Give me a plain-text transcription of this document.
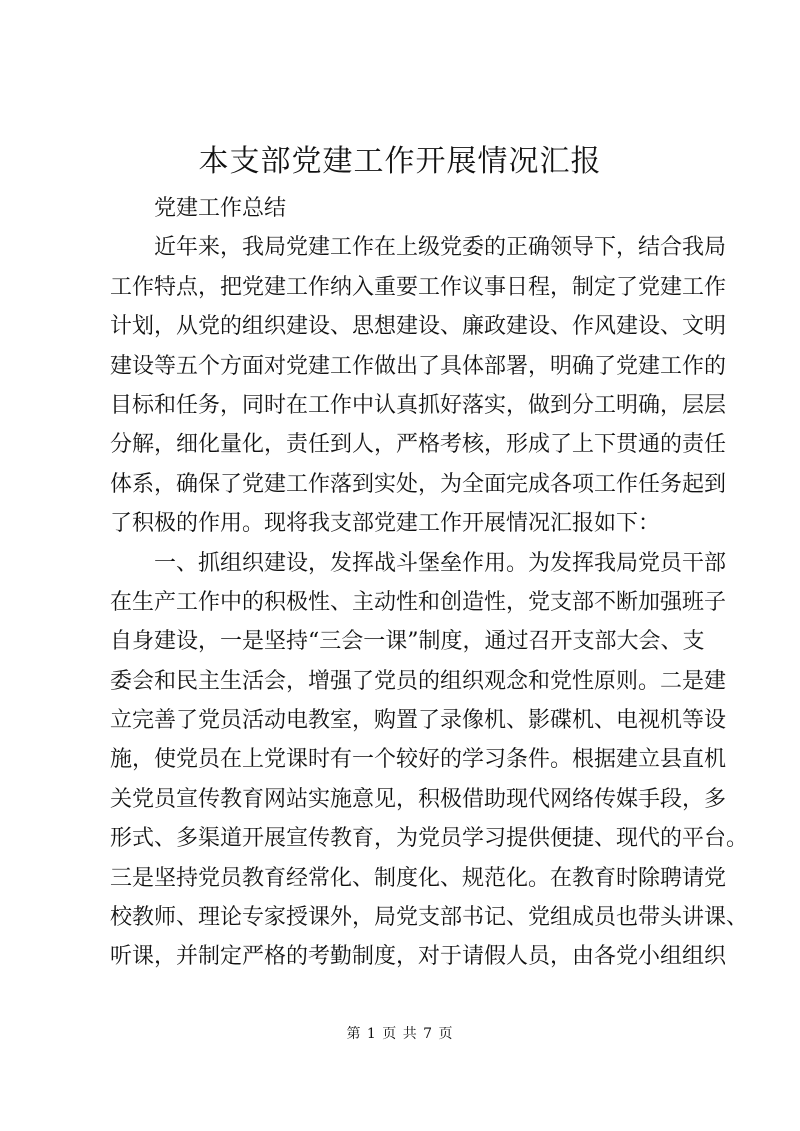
本支部党建工作开展情况汇报
党建工作总结
近年来，我局党建工作在上级党委的正确领导下，结合我局
工作特点，把党建工作纳入重要工作议事日程，制定了党建工作
计划，从党的组织建设、思想建设、廉政建设、作风建设、文明
建设等五个方面对党建工作做出了具体部署，明确了党建工作的
目标和任务，同时在工作中认真抓好落实，做到分工明确，层层
分解，细化量化，责任到人，严格考核，形成了上下贯通的责任
体系，确保了党建工作落到实处，为全面完成各项工作任务起到
了积极的作用。现将我支部党建工作开展情况汇报如下：
一、抓组织建设，发挥战斗堡垒作用。为发挥我局党员干部
在生产工作中的积极性、主动性和创造性，党支部不断加强班子
自身建设，一是坚持“三会一课”制度，通过召开支部大会、支
委会和民主生活会，增强了党员的组织观念和党性原则。二是建
立完善了党员活动电教室，购置了录像机、影碟机、电视机等设
施，使党员在上党课时有一个较好的学习条件。根据建立县直机
关党员宣传教育网站实施意见，积极借助现代网络传媒手段，多
形式、多渠道开展宣传教育，为党员学习提供便捷、现代的平台。
三是坚持党员教育经常化、制度化、规范化。在教育时除聘请党
校教师、理论专家授课外，局党支部书记、党组成员也带头讲课、
听课，并制定严格的考勤制度，对于请假人员，由各党小组组织
第 1 页 共 7 页
